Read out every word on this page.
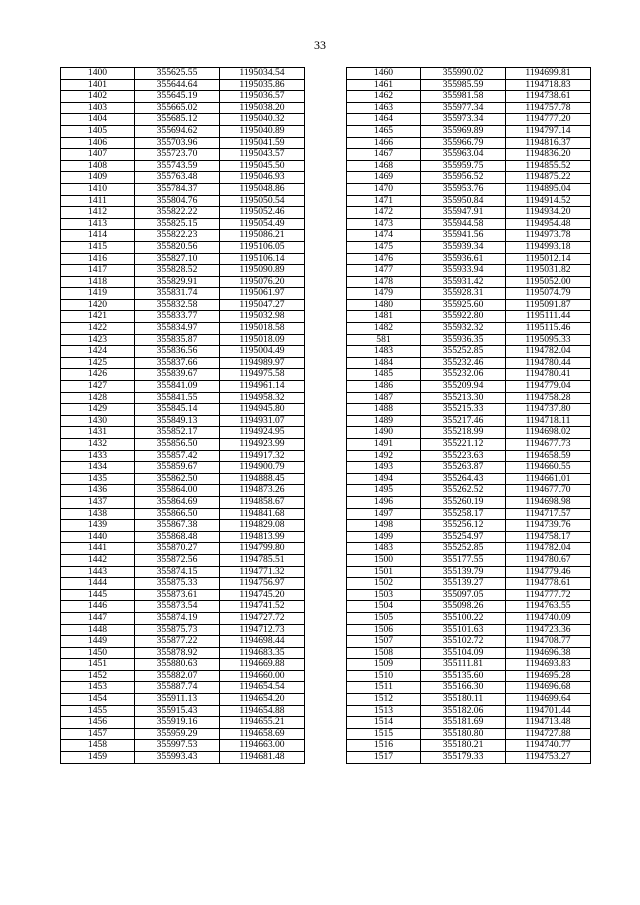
33
1400	355625.55	1195034.54
1401	355644.64	1195035.86
1402	355645.19	1195036.57
1403	355665.02	1195038.20
1404	355685.12	1195040.32
1405	355694.62	1195040.89
1406	355703.96	1195041.59
1407	355723.70	1195043.57
1408	355743.59	1195045.50
1409	355763.48	1195046.93
1410	355784.37	1195048.86
1411	355804.76	1195050.54
1412	355822.22	1195052.46
1413	355825.15	1195054.49
1414	355822.23	1195086.21
1415	355820.56	1195106.05
1416	355827.10	1195106.14
1417	355828.52	1195090.89
1418	355829.91	1195076.20
1419	355831.74	1195061.97
1420	355832.58	1195047.27
1421	355833.77	1195032.98
1422	355834.97	1195018.58
1423	355835.87	1195018.09
1424	355836.56	1195004.49
1425	355837.66	1194989.97
1426	355839.67	1194975.58
1427	355841.09	1194961.14
1428	355841.55	1194958.32
1429	355845.14	1194945.80
1430	355849.13	1194931.07
1431	355852.17	1194924.95
1432	355856.50	1194923.99
1433	355857.42	1194917.32
1434	355859.67	1194900.79
1435	355862.50	1194888.45
1436	355864.00	1194873.26
1437	355864.69	1194858.67
1438	355866.50	1194841.68
1439	355867.38	1194829.08
1440	355868.48	1194813.99
1441	355870.27	1194799.80
1442	355872.56	1194785.51
1443	355874.15	1194771.32
1444	355875.33	1194756.97
1445	355873.61	1194745.20
1446	355873.54	1194741.52
1447	355874.19	1194727.72
1448	355875.73	1194712.73
1449	355877.22	1194698.44
1450	355878.92	1194683.35
1451	355880.63	1194669.88
1452	355882.07	1194660.00
1453	355887.74	1194654.54
1454	355911.13	1194654.20
1455	355915.43	1194654.88
1456	355919.16	1194655.21
1457	355959.29	1194658.69
1458	355997.53	1194663.00
1459	355993.43	1194681.48
1460	355990.02	1194699.81
1461	355985.59	1194718.83
1462	355981.58	1194738.61
1463	355977.34	1194757.78
1464	355973.34	1194777.20
1465	355969.89	1194797.14
1466	355966.79	1194816.37
1467	355963.04	1194836.20
1468	355959.75	1194855.52
1469	355956.52	1194875.22
1470	355953.76	1194895.04
1471	355950.84	1194914.52
1472	355947.91	1194934.20
1473	355944.58	1194954.48
1474	355941.56	1194973.78
1475	355939.34	1194993.18
1476	355936.61	1195012.14
1477	355933.94	1195031.82
1478	355931.42	1195052.00
1479	355928.31	1195074.79
1480	355925.60	1195091.87
1481	355922.80	1195111.44
1482	355932.32	1195115.46
581	355936.35	1195095.33
1483	355252.85	1194782.04
1484	355232.46	1194780.44
1485	355232.06	1194780.41
1486	355209.94	1194779.04
1487	355213.30	1194758.28
1488	355215.33	1194737.80
1489	355217.46	1194718.11
1490	355218.99	1194698.02
1491	355221.12	1194677.73
1492	355223.63	1194658.59
1493	355263.87	1194660.55
1494	355264.43	1194661.01
1495	355262.52	1194677.70
1496	355260.19	1194698.98
1497	355258.17	1194717.57
1498	355256.12	1194739.76
1499	355254.97	1194758.17
1483	355252.85	1194782.04
1500	355177.55	1194780.67
1501	355139.79	1194779.46
1502	355139.27	1194778.61
1503	355097.05	1194777.72
1504	355098.26	1194763.55
1505	355100.22	1194740.09
1506	355101.63	1194723.36
1507	355102.72	1194708.77
1508	355104.09	1194696.38
1509	355111.81	1194693.83
1510	355135.60	1194695.28
1511	355166.30	1194696.68
1512	355180.11	1194699.64
1513	355182.06	1194701.44
1514	355181.69	1194713.48
1515	355180.80	1194727.88
1516	355180.21	1194740.77
1517	355179.33	1194753.27
